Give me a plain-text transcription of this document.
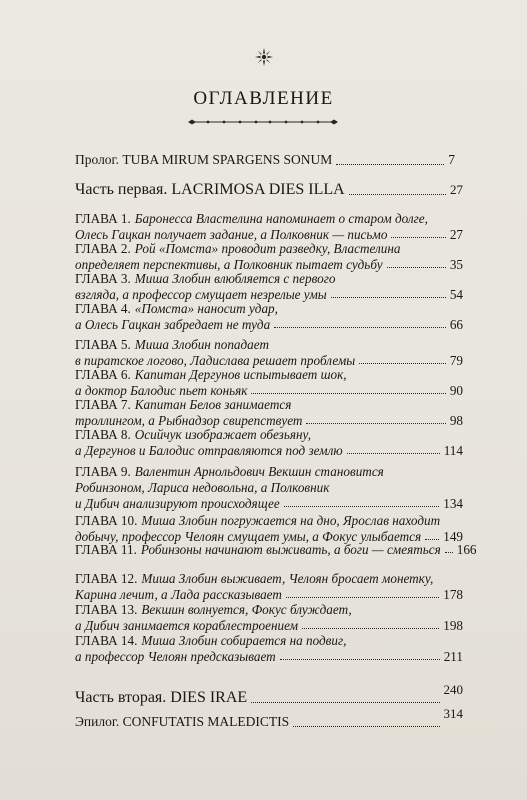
ОГЛАВЛЕНИЕ
Пролог.
TUBA MIRUM SPARGENS SONUM	7
Часть первая.
LACRIMOSA DIES ILLA	27
ГЛАВА 1. Баронесса Властелина напоминает о старом долге,
Олесь Гацкан получает задание, а Полковник — письмо	27
ГЛАВА 2. Рой «Помста» проводит разведку, Властелина
определяет перспективы, а Полковник пытает судьбу	35
ГЛАВА 3. Миша Злобин влюбляется с первого
взгляда, а профессор смущает незрелые умы	54
ГЛАВА 4. «Помста» наносит удар,
а Олесь Гацкан забредает не туда	66
ГЛАВА 5. Миша Злобин попадает
в пиратское логово, Ладислава решает проблемы	79
ГЛАВА 6. Капитан Дергунов испытывает шок,
а доктор Балодис пьет коньяк	90
ГЛАВА 7. Капитан Белов занимается
троллингом, а Рыбнадзор свирепствует	98
ГЛАВА 8. Осийчук изображает обезьяну,
а Дергунов и Балодис отправляются под землю	114
ГЛАВА 9. Валентин Арнольдович Векшин становится
Робинзоном, Лариса недовольна, а Полковник
и Дибич анализируют происходящее	134
ГЛАВА 10. Миша Злобин погружается на дно, Ярослав находит
добычу, профессор Челоян смущает умы, а Фокус улыбается 149
ГЛАВА 11. Робинзоны начинают выживать, а боги — смеяться 166
ГЛАВА 12. Миша Злобин выживает, Челоян бросает монетку,
Карина лечит, а Лада рассказывает	178
ГЛАВА 13. Векшин волнуется, Фокус блуждает,
а Дибич занимается кораблестроением	198
ГЛАВА 14. Миша Злобин собирается на подвиг,
а профессор Челоян предсказывает	211
Часть вторая.
DIES IRAE	240
Эпилог.
CONFUTATIS MALEDICTIS
314
